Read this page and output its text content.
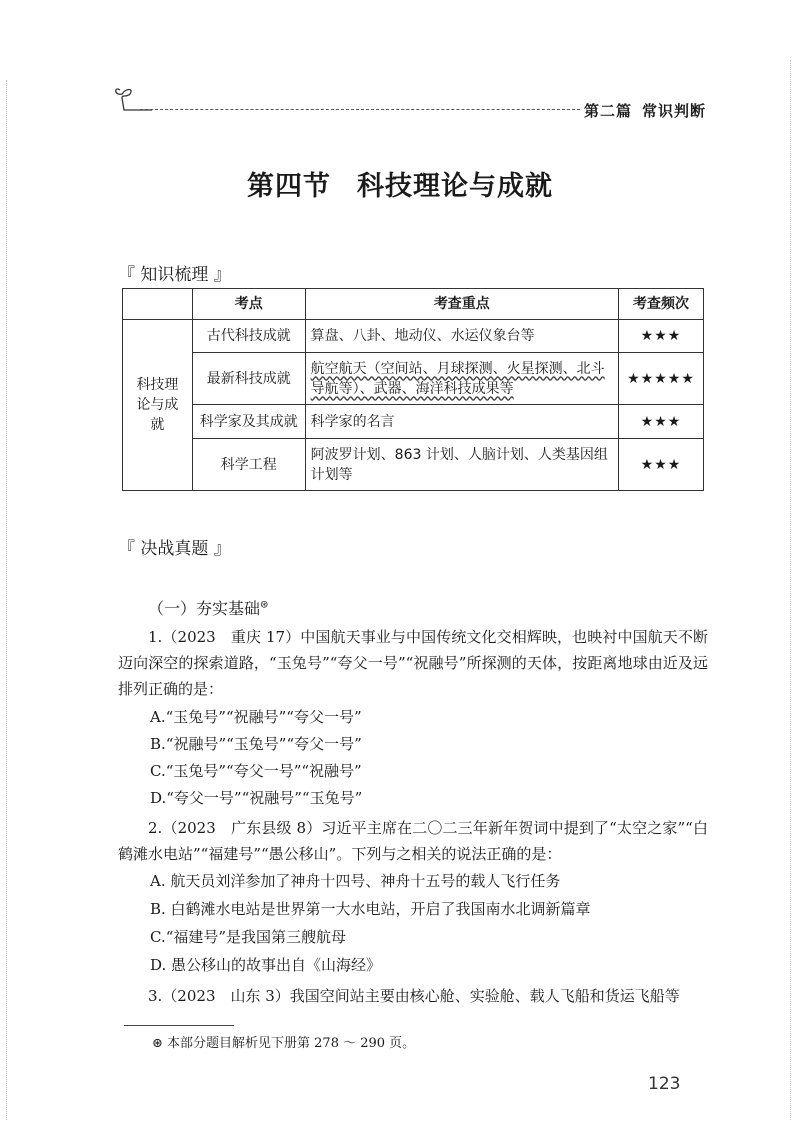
第二篇 常识判断
第四节 科技理论与成就
『 知识梳理 』
	考点	考查重点	考查频次
科技理论与成就	古代科技成就	算盘、八卦、地动仪、水运仪象台等	★★★
	最新科技成就	航空航天（空间站、月球探测、火星探测、北斗导航等）、武器、海洋科技成果等	★★★★★
	科学家及其成就	科学家的名言	★★★
	科学工程	阿波罗计划、863 计划、人脑计划、人类基因组计划等	★★★
『 决战真题 』
（一）夯实基础⊛
1.（2023　重庆 17）中国航天事业与中国传统文化交相辉映，也映衬中国航天不断迈向深空的探索道路，“玉兔号”“夸父一号”“祝融号”所探测的天体，按距离地球由近及远排列正确的是：
A.“玉兔号”“祝融号”“夸父一号”
B.“祝融号”“玉兔号”“夸父一号”
C.“玉兔号”“夸父一号”“祝融号”
D.“夸父一号”“祝融号”“玉兔号”
2.（2023　广东县级 8）习近平主席在二〇二三年新年贺词中提到了“太空之家”“白鹤滩水电站”“福建号”“愚公移山”。下列与之相关的说法正确的是：
A. 航天员刘洋参加了神舟十四号、神舟十五号的载人飞行任务
B. 白鹤滩水电站是世界第一大水电站，开启了我国南水北调新篇章
C.“福建号”是我国第三艘航母
D. 愚公移山的故事出自《山海经》
3.（2023　山东 3）我国空间站主要由核心舱、实验舱、载人飞船和货运飞船等
⊛ 本部分题目解析见下册第 278 ～ 290 页。
123
